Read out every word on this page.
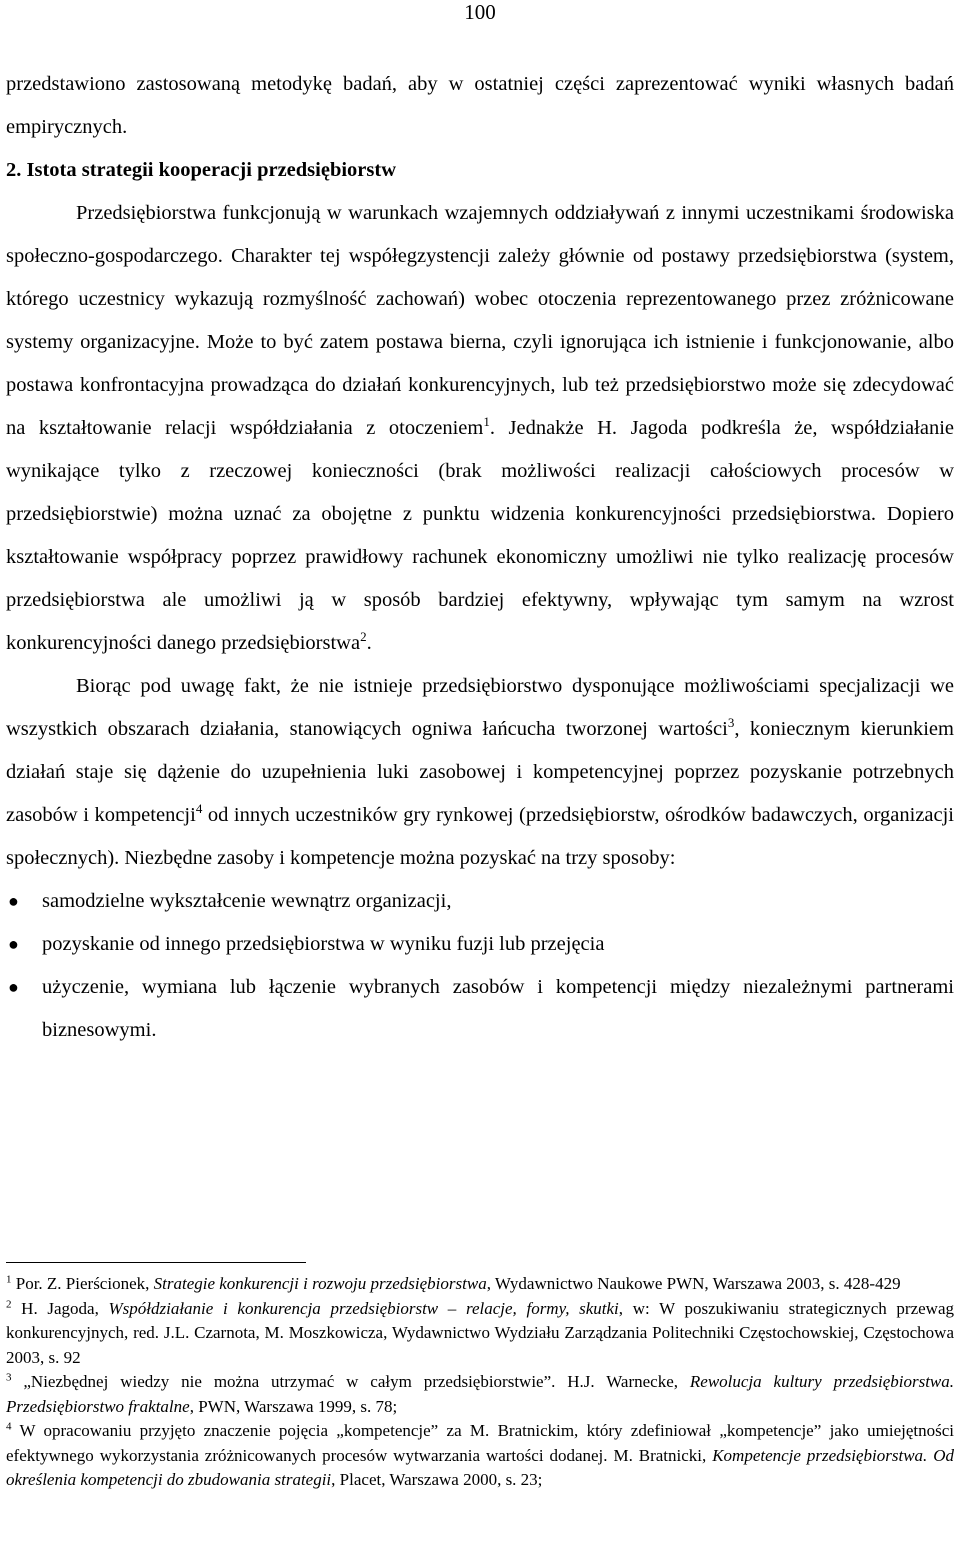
100

przedstawiono zastosowaną metodykę badań, aby w ostatniej części zaprezentować wyniki własnych badań empirycznych.

2. Istota strategii kooperacji przedsiębiorstw

Przedsiębiorstwa funkcjonują w warunkach wzajemnych oddziaływań z innymi uczestnikami środowiska społeczno-gospodarczego. Charakter tej współegzystencji zależy głównie od postawy przedsiębiorstwa (system, którego uczestnicy wykazują rozmyślność zachowań) wobec otoczenia reprezentowanego przez zróżnicowane systemy organizacyjne. Może to być zatem postawa bierna, czyli ignorująca ich istnienie i funkcjonowanie, albo postawa konfrontacyjna prowadząca do działań konkurencyjnych, lub też przedsiębiorstwo może się zdecydować na kształtowanie relacji współdziałania z otoczeniem$^1$. Jednakże H. Jagoda podkreśla że, współdziałanie wynikające tylko z rzeczowej konieczności (brak możliwości realizacji całościowych procesów w przedsiębiorstwie) można uznać za obojętne z punktu widzenia konkurencyjności przedsiębiorstwa. Dopiero kształtowanie współpracy poprzez prawidłowy rachunek ekonomiczny umożliwi nie tylko realizację procesów przedsiębiorstwa ale umożliwi ją w sposób bardziej efektywny, wpływając tym samym na wzrost konkurencyjności danego przedsiębiorstwa$^2$.

Biorąc pod uwagę fakt, że nie istnieje przedsiębiorstwo dysponujące możliwościami specjalizacji we wszystkich obszarach działania, stanowiących ogniwa łańcucha tworzonej wartości$^3$, koniecznym kierunkiem działań staje się dążenie do uzupełnienia luki zasobowej i kompetencyjnej poprzez pozyskanie potrzebnych zasobów i kompetencji$^4$ od innych uczestników gry rynkowej (przedsiębiorstw, ośrodków badawczych, organizacji społecznych). Niezbędne zasoby i kompetencje można pozyskać na trzy sposoby:

● samodzielne wykształcenie wewnątrz organizacji,
● pozyskanie od innego przedsiębiorstwa w wyniku fuzji lub przejęcia
● użyczenie, wymiana lub łączenie wybranych zasobów i kompetencji między niezależnymi partnerami biznesowymi.

$^1$ Por. Z. Pierścionek, Strategie konkurencji i rozwoju przedsiębiorstwa, Wydawnictwo Naukowe PWN, Warszawa 2003, s. 428-429

$^2$ H. Jagoda, Współdziałanie i konkurencja przedsiębiorstw – relacje, formy, skutki, w: W poszukiwaniu strategicznych przewag konkurencyjnych, red. J.L. Czarnota, M. Moszkowicza, Wydawnictwo Wydziału Zarządzania Politechniki Częstochowskiej, Częstochowa 2003, s. 92

$^3$ „Niezbędnej wiedzy nie można utrzymać w całym przedsiębiorstwie”. H.J. Warnecke, Rewolucja kultury przedsiębiorstwa. Przedsiębiorstwo fraktalne, PWN, Warszawa 1999, s. 78;

$^4$ W opracowaniu przyjęto znaczenie pojęcia „kompetencje” za M. Bratnickim, który zdefiniował „kompetencje” jako umiejętności efektywnego wykorzystania zróżnicowanych procesów wytwarzania wartości dodanej. M. Bratnicki, Kompetencje przedsiębiorstwa. Od określenia kompetencji do zbudowania strategii, Placet, Warszawa 2000, s. 23;
